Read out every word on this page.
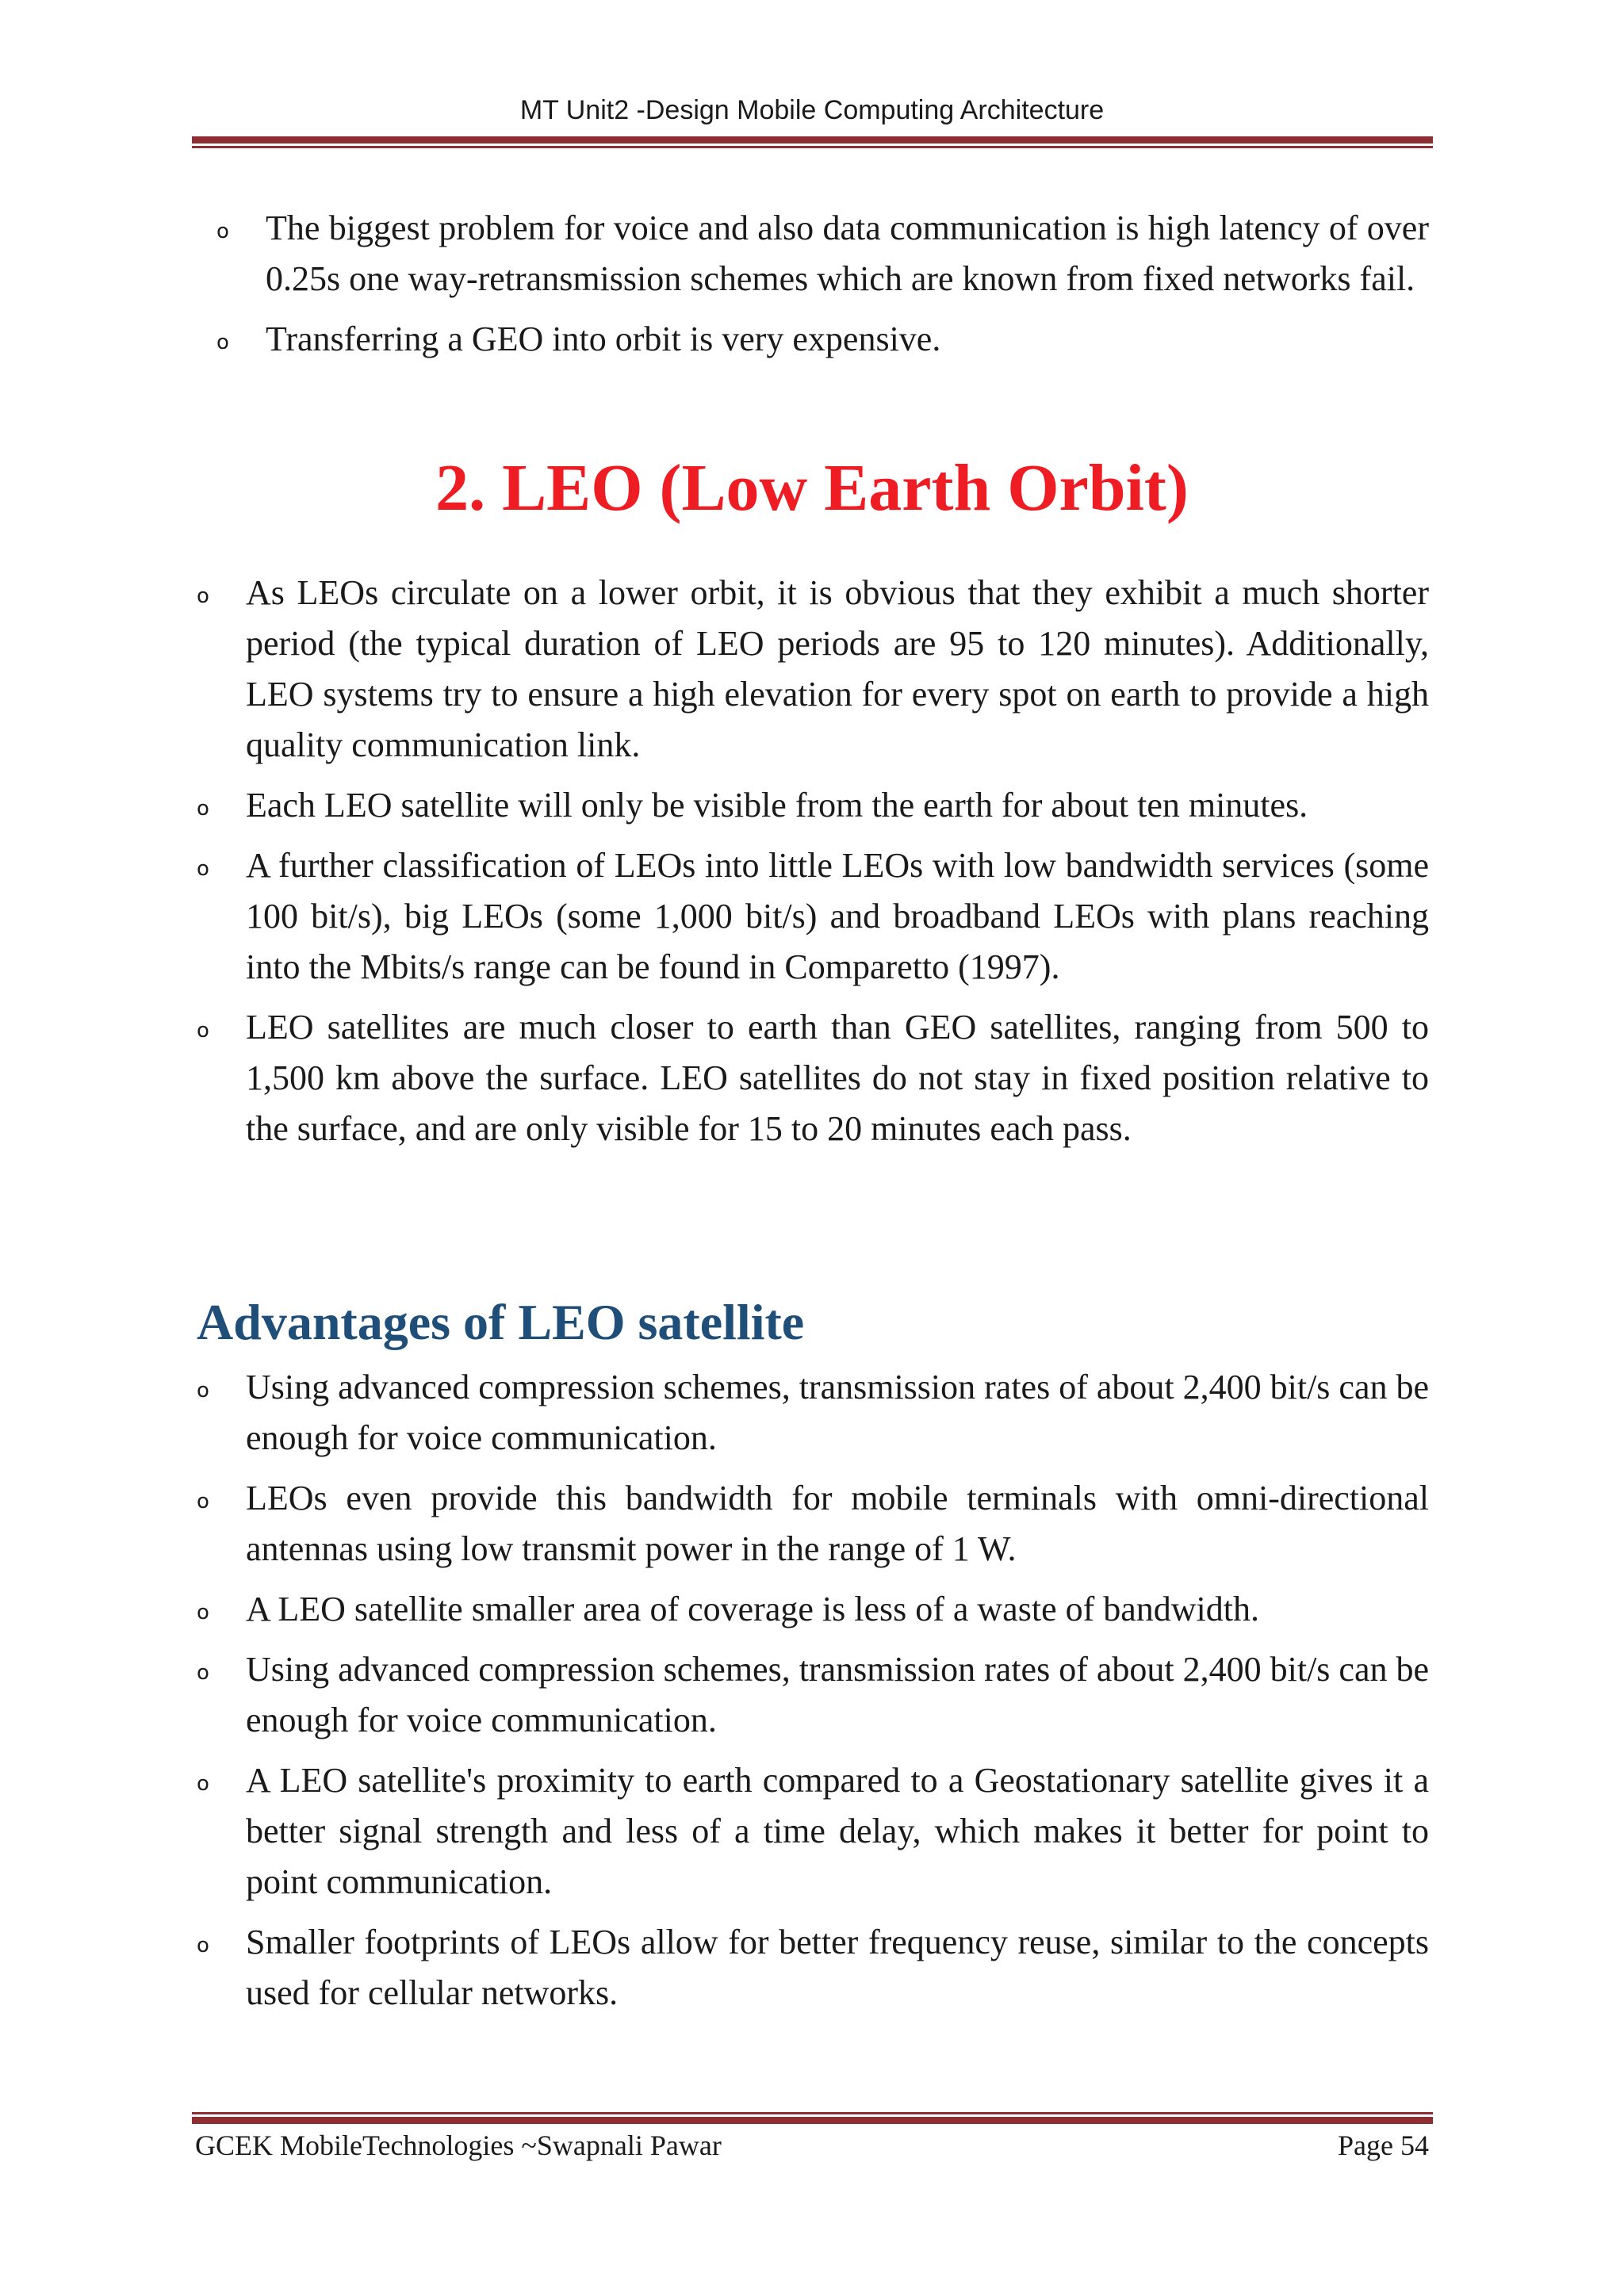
MT Unit2 -Design Mobile Computing Architecture
o The biggest problem for voice and also data communication is high latency of over 0.25s one way-retransmission schemes which are known from fixed networks fail.
o Transferring a GEO into orbit is very expensive.
2. LEO (Low Earth Orbit)
o As LEOs circulate on a lower orbit, it is obvious that they exhibit a much shorter period (the typical duration of LEO periods are 95 to 120 minutes). Additionally, LEO systems try to ensure a high elevation for every spot on earth to provide a high quality communication link.
o Each LEO satellite will only be visible from the earth for about ten minutes.
o A further classification of LEOs into little LEOs with low bandwidth services (some 100 bit/s), big LEOs (some 1,000 bit/s) and broadband LEOs with plans reaching into the Mbits/s range can be found in Comparetto (1997).
o LEO satellites are much closer to earth than GEO satellites, ranging from 500 to 1,500 km above the surface. LEO satellites do not stay in fixed position relative to the surface, and are only visible for 15 to 20 minutes each pass.
Advantages of LEO satellite
o Using advanced compression schemes, transmission rates of about 2,400 bit/s can be enough for voice communication.
o LEOs even provide this bandwidth for mobile terminals with omni-directional antennas using low transmit power in the range of 1 W.
o A LEO satellite smaller area of coverage is less of a waste of bandwidth.
o Using advanced compression schemes, transmission rates of about 2,400 bit/s can be enough for voice communication.
o A LEO satellite's proximity to earth compared to a Geostationary satellite gives it a better signal strength and less of a time delay, which makes it better for point to point communication.
o Smaller footprints of LEOs allow for better frequency reuse, similar to the concepts used for cellular networks.
GCEK MobileTechnologies ~Swapnali Pawar	Page 54
